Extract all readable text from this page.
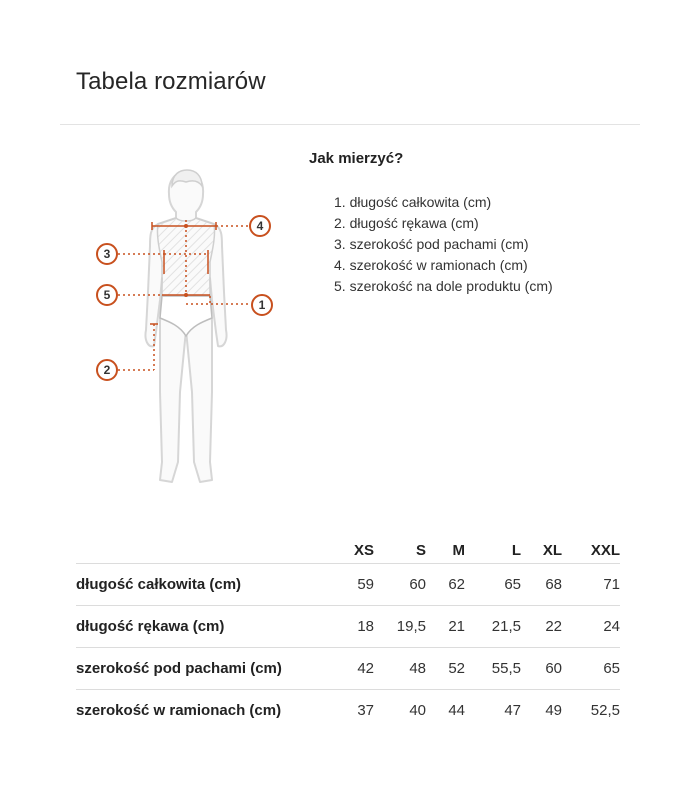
Tabela rozmiarów
4
3
5
1
2
Jak mierzyć?
1. długość całkowita (cm)
2. długość rękawa (cm)
3. szerokość pod pachami (cm)
4. szerokość w ramionach (cm)
5. szerokość na dole produktu (cm)
	XS	S	M	L	XL	XXL
długość całkowita (cm)	59	60	62	65	68	71
długość rękawa (cm)	18	19,5	21	21,5	22	24
szerokość pod pachami (cm)	42	48	52	55,5	60	65
szerokość w ramionach (cm)	37	40	44	47	49	52,5
